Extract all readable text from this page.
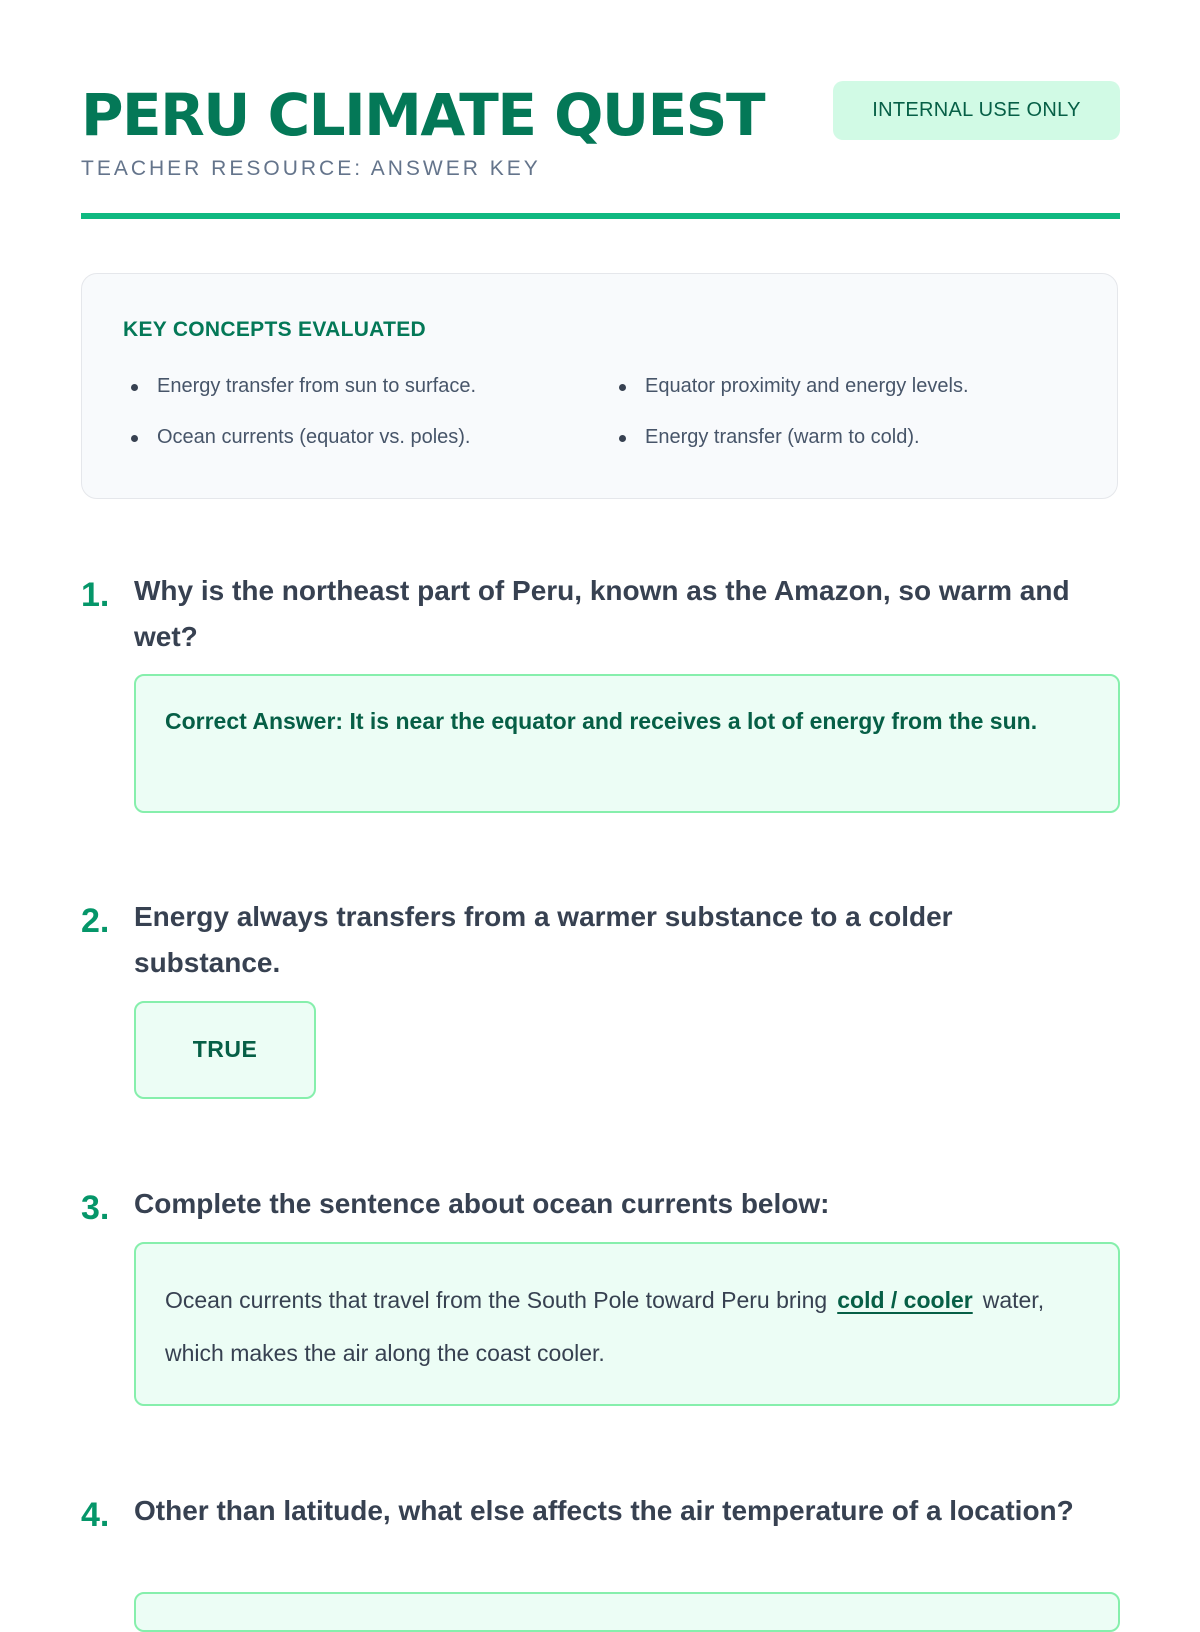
PERU CLIMATE QUEST
TEACHER RESOURCE: ANSWER KEY
INTERNAL USE ONLY
KEY CONCEPTS EVALUATED
Energy transfer from sun to surface.	Equator proximity and energy levels.
Ocean currents (equator vs. poles).	Energy transfer (warm to cold).
1. Why is the northeast part of Peru, known as the Amazon, so warm and wet?
Correct Answer: It is near the equator and receives a lot of energy from the sun.
2. Energy always transfers from a warmer substance to a colder substance.
TRUE
3. Complete the sentence about ocean currents below:
Ocean currents that travel from the South Pole toward Peru bring cold / cooler water, which makes the air along the coast cooler.
4. Other than latitude, what else affects the air temperature of a location?
